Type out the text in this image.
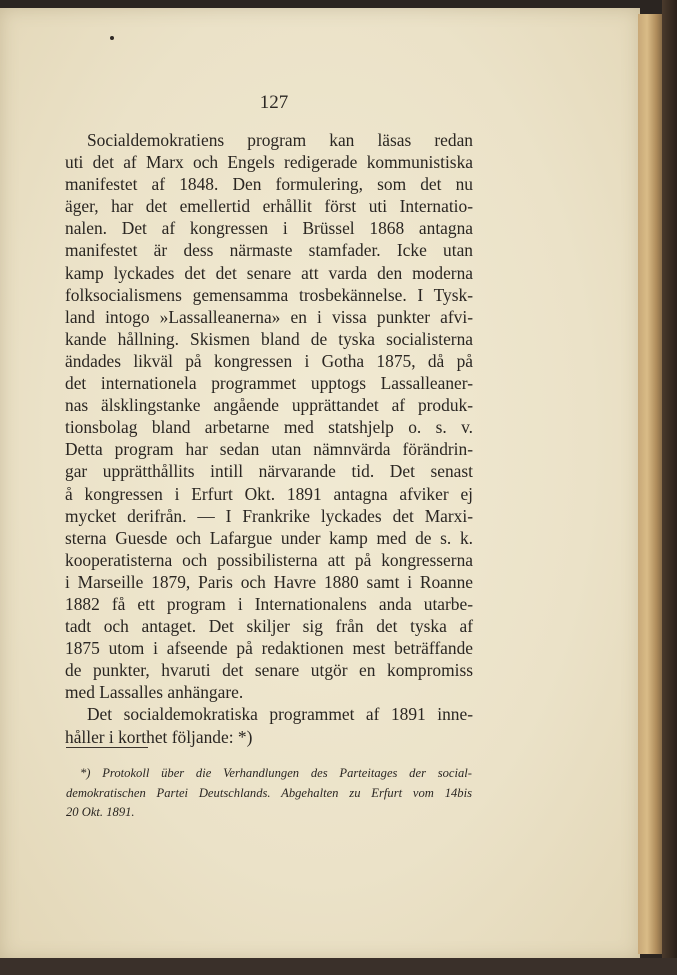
127
Socialdemokratiens program kan läsas redan
uti det af Marx och Engels redigerade kommunistiska
manifestet af 1848. Den formulering, som det nu
äger, har det emellertid erhållit först uti Internatio-
nalen. Det af kongressen i Brüssel 1868 antagna
manifestet är dess närmaste stamfader. Icke utan
kamp lyckades det det senare att varda den moderna
folksocialismens gemensamma trosbekännelse. I Tysk-
land intogo »Lassalleanerna» en i vissa punkter afvi-
kande hållning. Skismen bland de tyska socialisterna
ändades likväl på kongressen i Gotha 1875, då på
det internationela programmet upptogs Lassalleaner-
nas älsklingstanke angående upprättandet af produk-
tionsbolag bland arbetarne med statshjelp o. s. v.
Detta program har sedan utan nämnvärda förändrin-
gar upprätthållits intill närvarande tid. Det senast
å kongressen i Erfurt Okt. 1891 antagna afviker ej
mycket derifrån. — I Frankrike lyckades det Marxi-
sterna Guesde och Lafargue under kamp med de s. k.
kooperatisterna och possibilisterna att på kongresserna
i Marseille 1879, Paris och Havre 1880 samt i Roanne
1882 få ett program i Internationalens anda utarbe-
tadt och antaget. Det skiljer sig från det tyska af
1875 utom i afseende på redaktionen mest beträffande
de punkter, hvaruti det senare utgör en kompromiss
med Lassalles anhängare.
Det socialdemokratiska programmet af 1891 inne-
håller i korthet följande: *)
*) Protokoll über die Verhandlungen des Parteitages der social-
demokratischen Partei Deutschlands. Abgehalten zu Erfurt vom 14bis
20 Okt. 1891.
